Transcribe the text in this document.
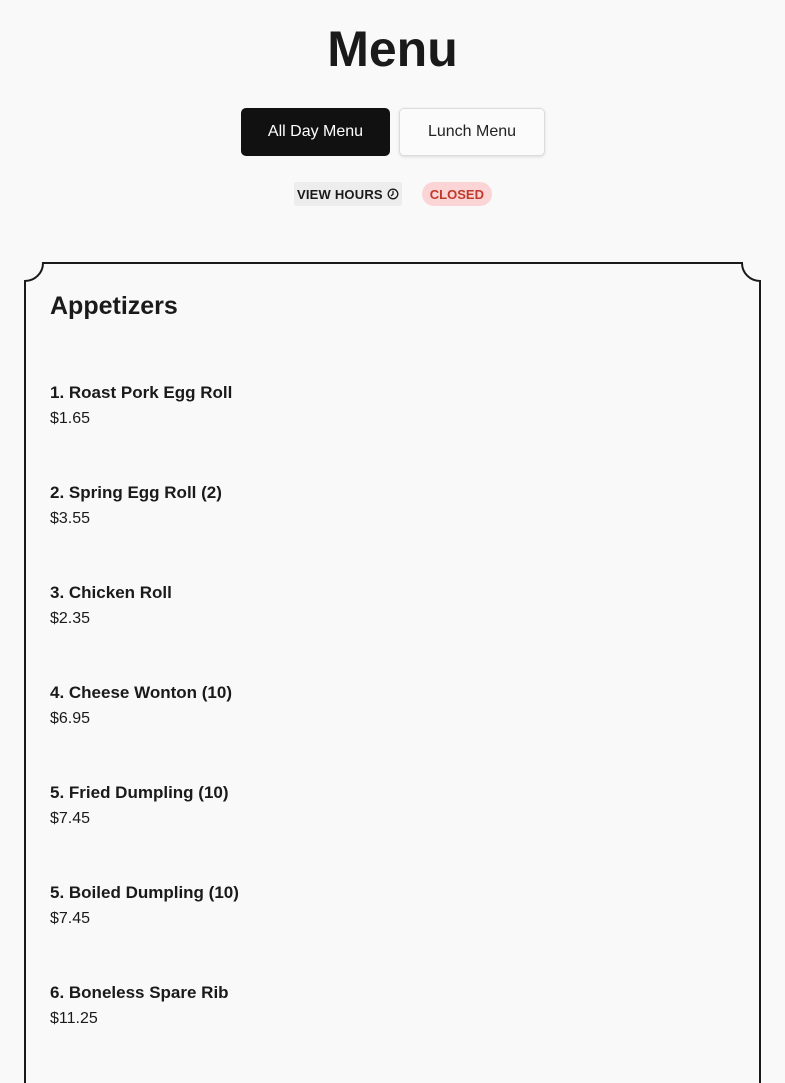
Menu
All Day Menu	Lunch Menu
VIEW HOURS	CLOSED
Appetizers
1. Roast Pork Egg Roll
$1.65
2. Spring Egg Roll (2)
$3.55
3. Chicken Roll
$2.35
4. Cheese Wonton (10)
$6.95
5. Fried Dumpling (10)
$7.45
5. Boiled Dumpling (10)
$7.45
6. Boneless Spare Rib
$11.25
